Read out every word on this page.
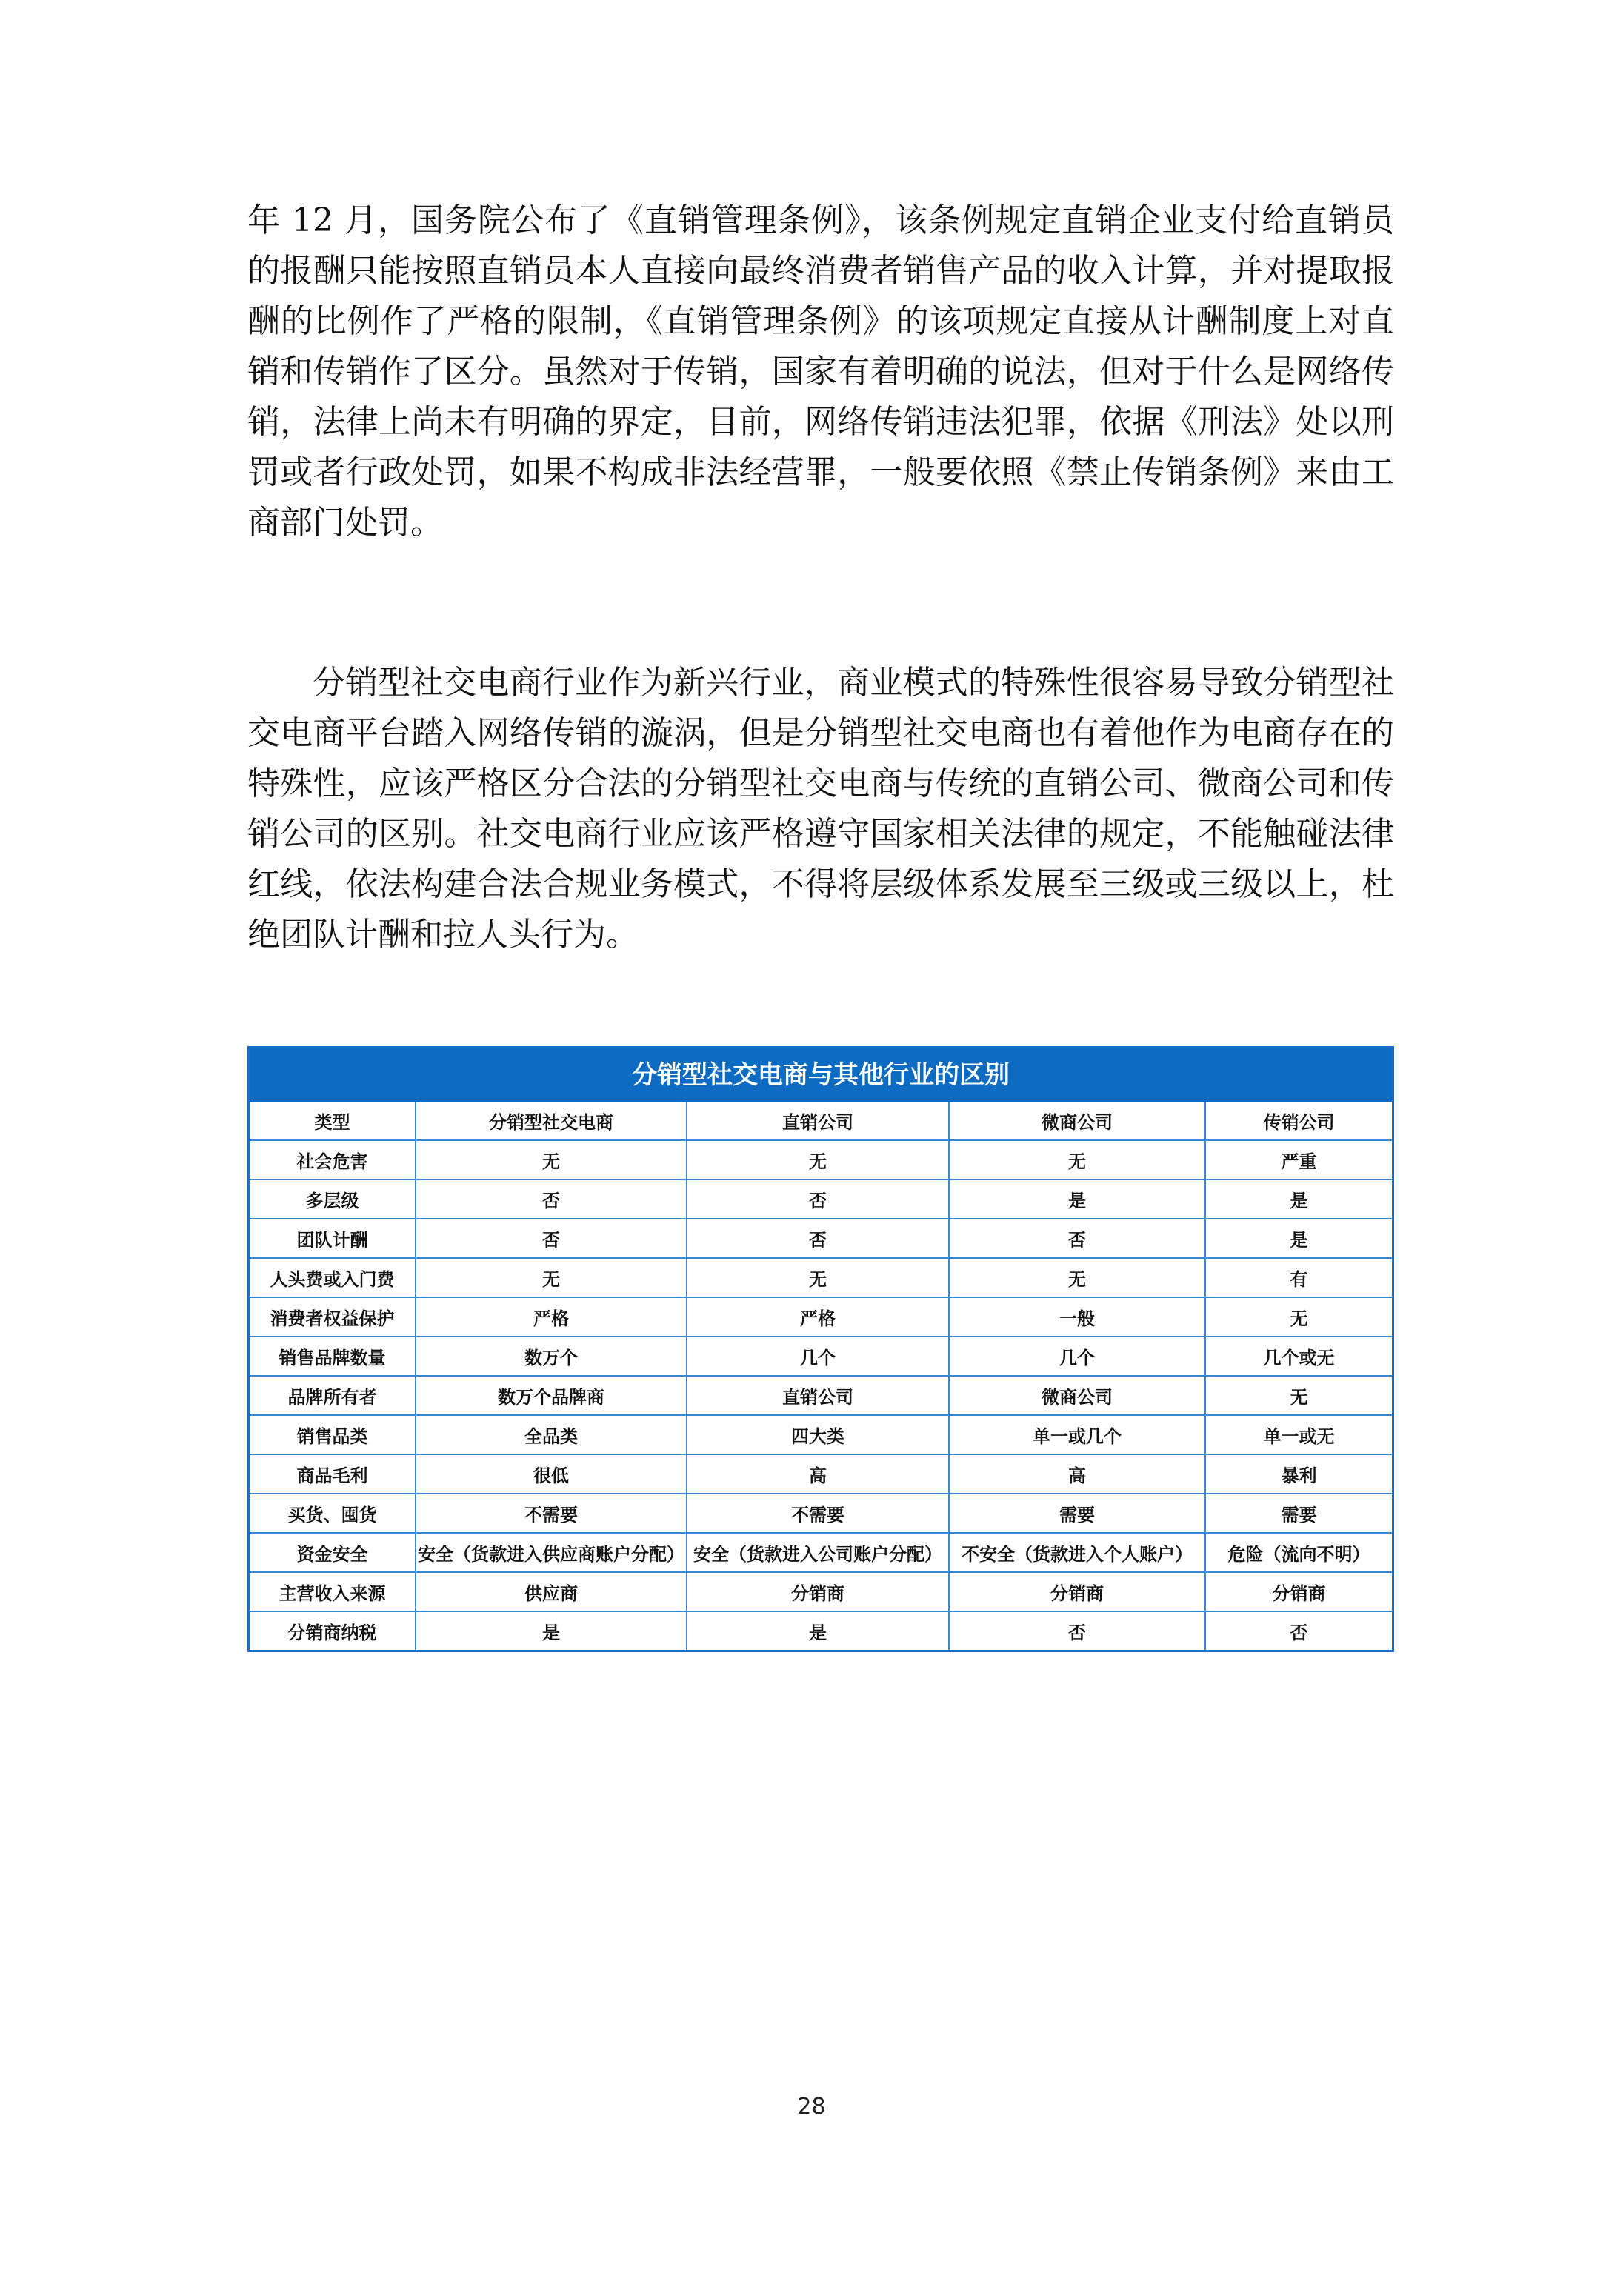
年 12 月，国务院公布了《直销管理条例》，该条例规定直销企业支付给直销员
的报酬只能按照直销员本人直接向最终消费者销售产品的收入计算，并对提取报
酬的比例作了严格的限制，《直销管理条例》的该项规定直接从计酬制度上对直
销和传销作了区分。虽然对于传销，国家有着明确的说法，但对于什么是网络传
销，法律上尚未有明确的界定，目前，网络传销违法犯罪，依据《刑法》处以刑
罚或者行政处罚，如果不构成非法经营罪，一般要依照《禁止传销条例》来由工
商部门处罚。

分销型社交电商行业作为新兴行业，商业模式的特殊性很容易导致分销型社
交电商平台踏入网络传销的漩涡，但是分销型社交电商也有着他作为电商存在的
特殊性，应该严格区分合法的分销型社交电商与传统的直销公司、微商公司和传
销公司的区别。社交电商行业应该严格遵守国家相关法律的规定，不能触碰法律
红线，依法构建合法合规业务模式，不得将层级体系发展至三级或三级以上，杜
绝团队计酬和拉人头行为。

分销型社交电商与其他行业的区别
类型	分销型社交电商	直销公司	微商公司	传销公司
社会危害	无	无	无	严重
多层级	否	否	是	是
团队计酬	否	否	否	是
人头费或入门费	无	无	无	有
消费者权益保护	严格	严格	一般	无
销售品牌数量	数万个	几个	几个	几个或无
品牌所有者	数万个品牌商	直销公司	微商公司	无
销售品类	全品类	四大类	单一或几个	单一或无
商品毛利	很低	高	高	暴利
买货、囤货	不需要	不需要	需要	需要
资金安全	安全（货款进入供应商账户分配）	安全（货款进入公司账户分配）	不安全（货款进入个人账户）	危险（流向不明）
主营收入来源	供应商	分销商	分销商	分销商
分销商纳税	是	是	否	否
28
